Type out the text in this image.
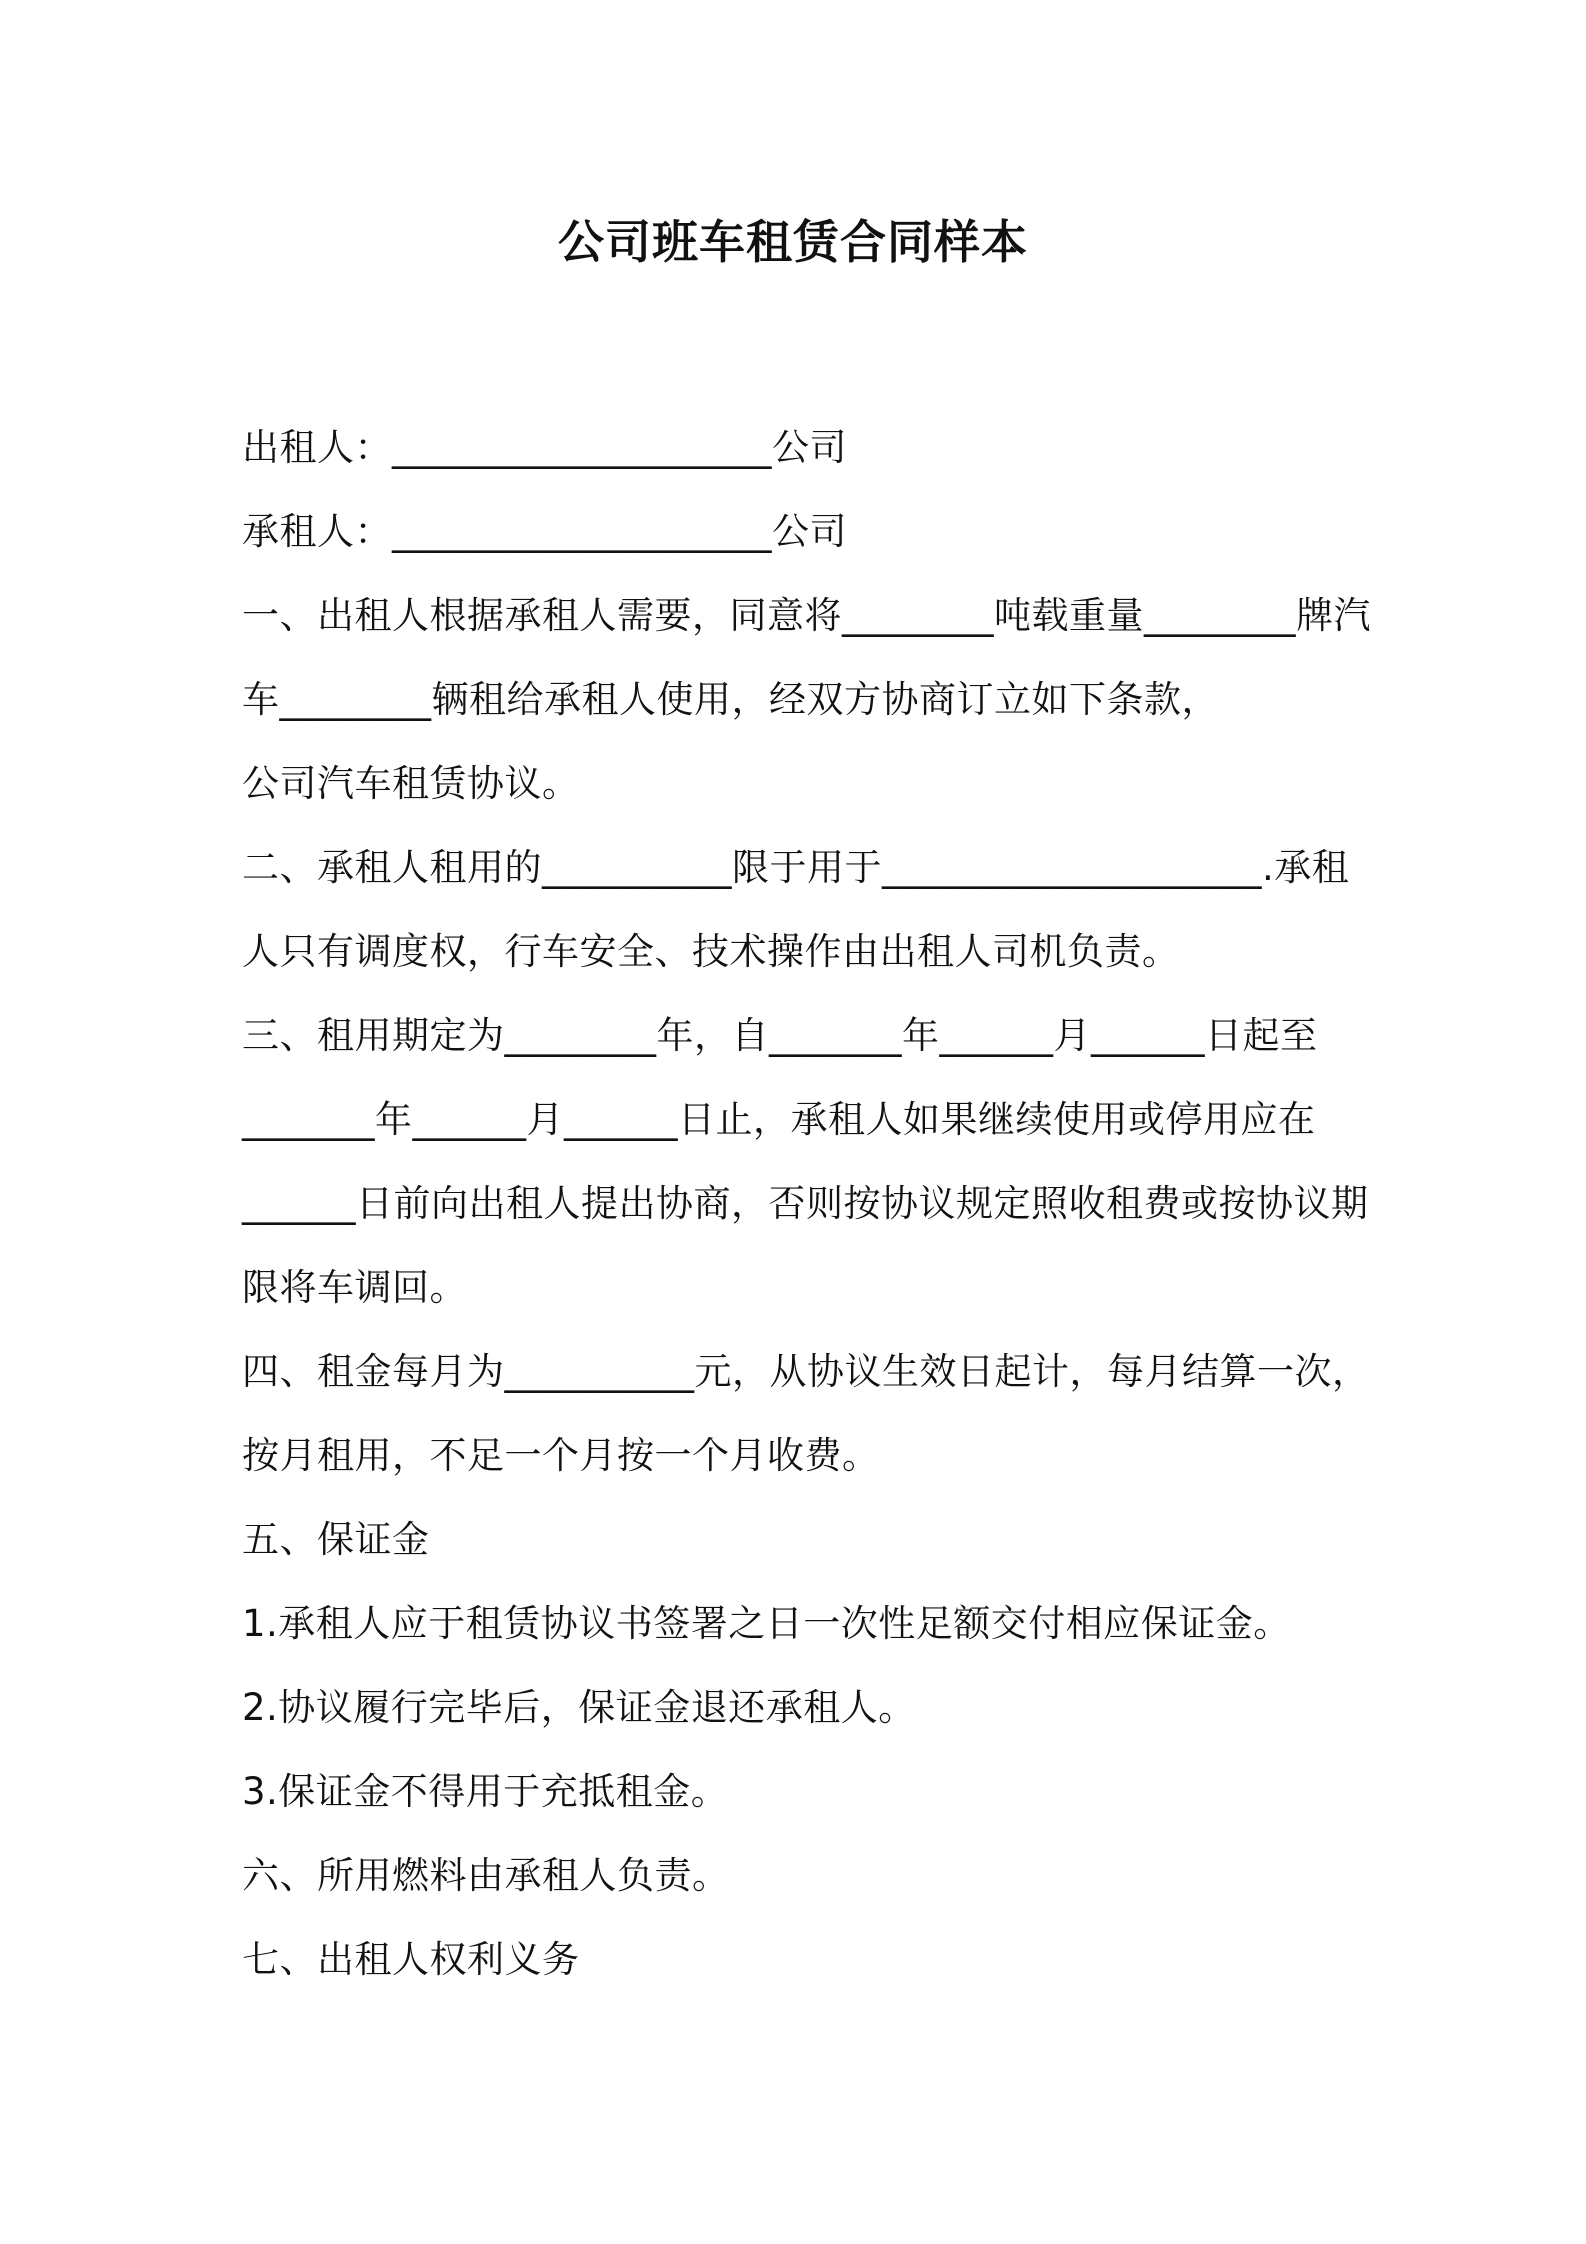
公司班车租赁合同样本
出租人：____________________公司
承租人：____________________公司
一、出租人根据承租人需要，同意将________吨载重量________牌汽
车________辆租给承租人使用，经双方协商订立如下条款，
公司汽车租赁协议。
二、承租人租用的__________限于用于____________________.承租
人只有调度权，行车安全、技术操作由出租人司机负责。
三、租用期定为________年，自_______年______月______日起至
_______年______月______日止，承租人如果继续使用或停用应在
______日前向出租人提出协商，否则按协议规定照收租费或按协议期
限将车调回。
四、租金每月为__________元，从协议生效日起计，每月结算一次，
按月租用，不足一个月按一个月收费。
五、保证金
1.承租人应于租赁协议书签署之日一次性足额交付相应保证金。
2.协议履行完毕后，保证金退还承租人。
3.保证金不得用于充抵租金。
六、所用燃料由承租人负责。
七、出租人权利义务
